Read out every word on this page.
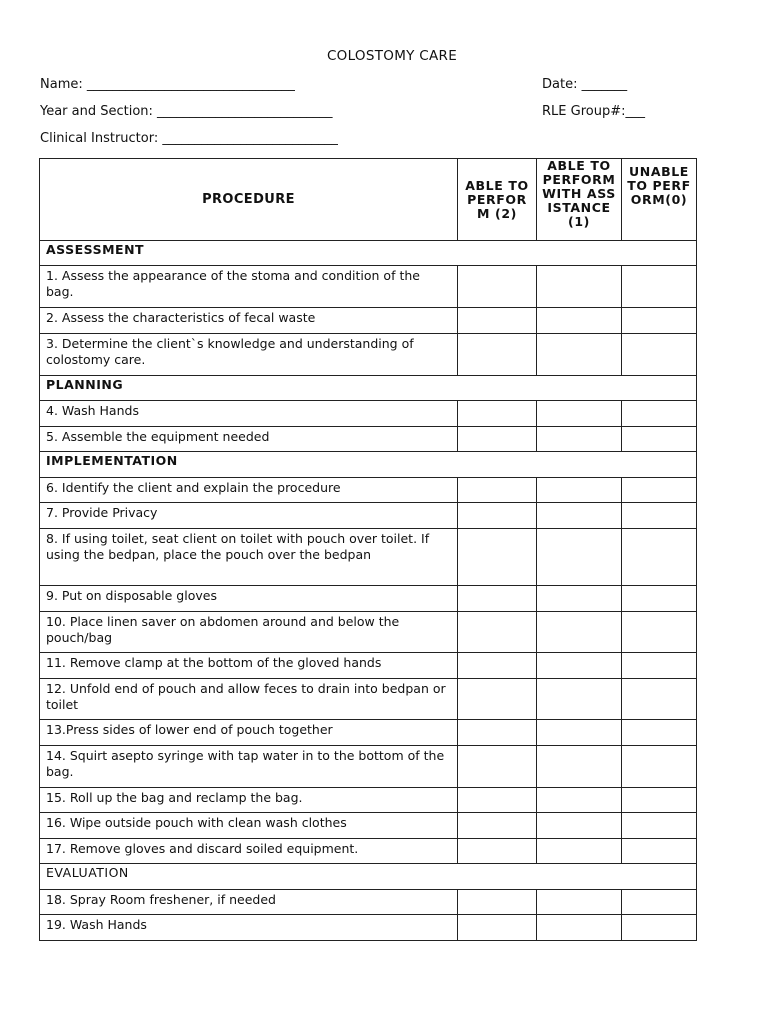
COLOSTOMY CARE
Name: ________________________________	Date: _______
Year and Section: ___________________________	RLE Group#:___
Clinical Instructor: ___________________________
PROCEDURE	ABLE TO PERFORM (2)	ABLE TO PERFORM WITH ASSISTANCE(1)	UNABLE TO PERFORM(0)
ASSESSMENT			
1. Assess the appearance of the stoma and condition of the bag.			
2. Assess the characteristics of fecal waste			
3. Determine the client`s knowledge and understanding of colostomy care.			
PLANNING			
4. Wash Hands			
5. Assemble the equipment needed			
IMPLEMENTATION			
6. Identify the client and explain the procedure			
7. Provide Privacy			
8. If using toilet, seat client on toilet with pouch over toilet. If using the bedpan, place the pouch over the bedpan			
9. Put on disposable gloves			
10. Place linen saver on abdomen around and below the pouch/bag			
11. Remove clamp at the bottom of the gloved hands			
12. Unfold end of pouch and allow feces to drain into bedpan or toilet			
13.Press sides of lower end of pouch together			
14. Squirt asepto syringe with tap water in to the bottom of the bag.			
15. Roll up the bag and reclamp the bag.			
16. Wipe outside pouch with clean wash clothes			
17. Remove gloves and discard soiled equipment.			
EVALUATION			
18. Spray Room freshener, if needed			
19. Wash Hands			
